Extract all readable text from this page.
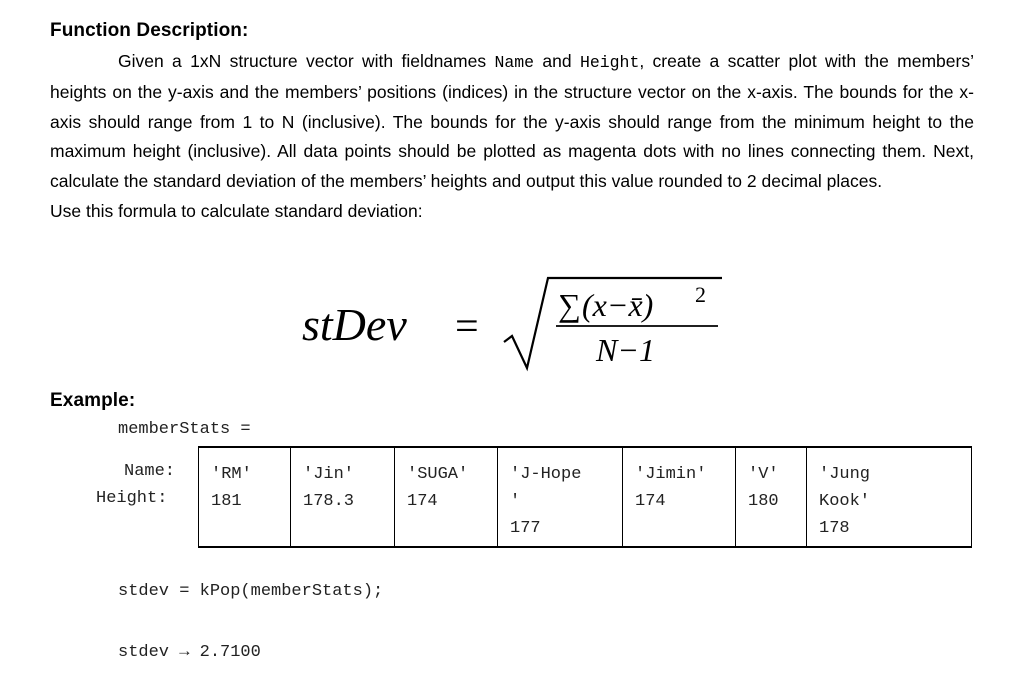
Function Description:
Given a 1xN structure vector with fieldnames Name and Height, create a scatter plot with the members’ heights on the y-axis and the members’ positions (indices) in the structure vector on the x-axis. The bounds for the x-axis should range from 1 to N (inclusive). The bounds for the y-axis should range from the minimum height to the maximum height (inclusive). All data points should be plotted as magenta dots with no lines connecting them. Next, calculate the standard deviation of the members’ heights and output this value rounded to 2 decimal places.
Use this formula to calculate standard deviation:
stDev = ∑ (x−x̄) 2
N−1
Example:
memberStats =
Name:
Height:
'RM'
181
'Jin'
178.3
'SUGA'
174
'J-Hope
'
177
'Jimin'
174
'V'
180
'Jung
Kook'
178
stdev = kPop(memberStats);
stdev → 2.7100
